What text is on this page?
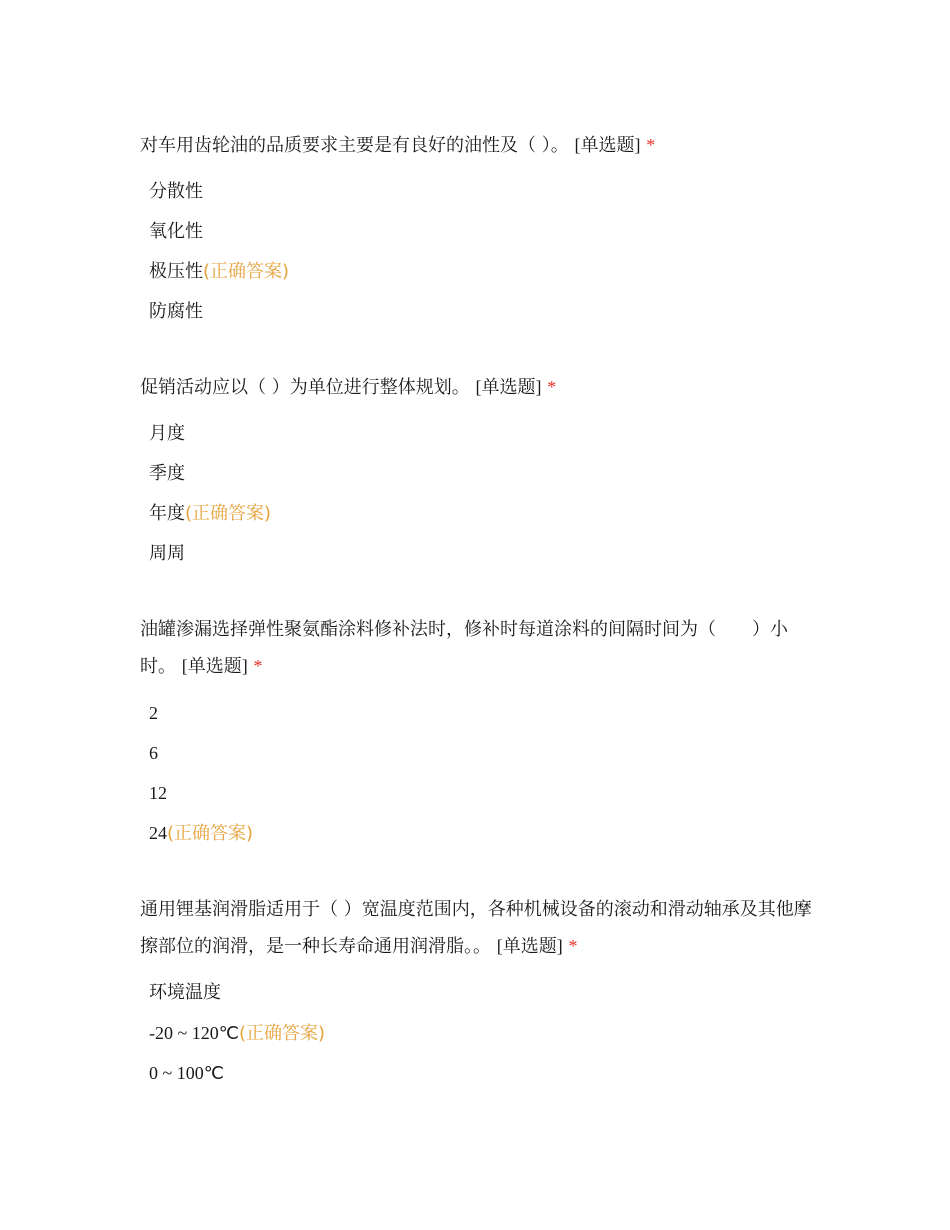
对车用齿轮油的品质要求主要是有良好的油性及（ ）。 [单选题] *

分散性
氧化性
极压性(正确答案)
防腐性

促销活动应以（ ）为单位进行整体规划。 [单选题] *

月度
季度
年度(正确答案)
周周

油罐渗漏选择弹性聚氨酯涂料修补法时，修补时每道涂料的间隔时间为（　　）小时。 [单选题] *

2
6
12
24(正确答案)

通用锂基润滑脂适用于（ ）宽温度范围内，各种机械设备的滚动和滑动轴承及其他摩擦部位的润滑，是一种长寿命通用润滑脂。。 [单选题] *

环境温度
-20 ~ 120℃(正确答案)
0 ~ 100℃
